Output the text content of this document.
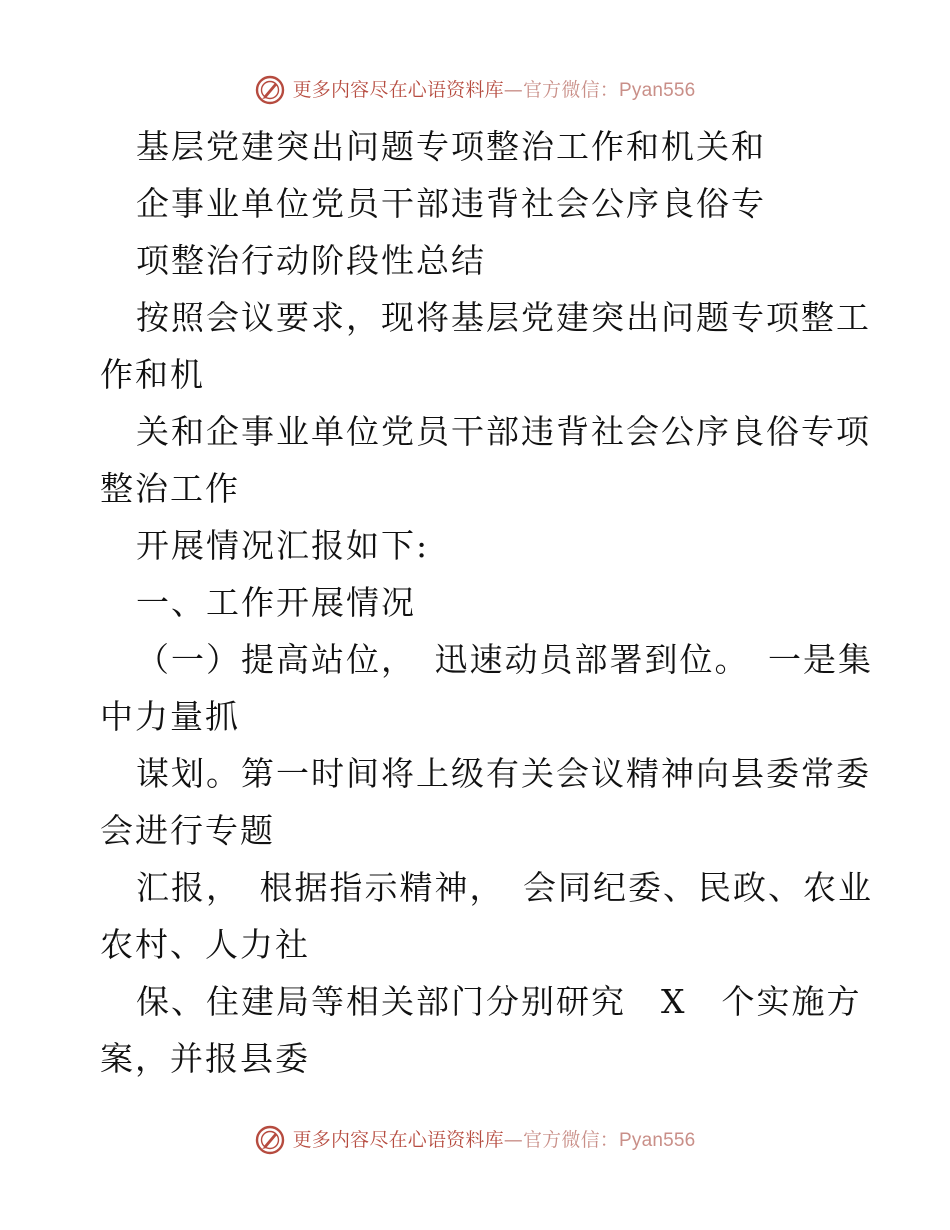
更多内容尽在心语资料库—官方微信：Pyan556
基层党建突出问题专项整治工作和机关和
企事业单位党员干部违背社会公序良俗专
项整治行动阶段性总结
按照会议要求，现将基层党建突出问题专项整工
作和机
关和企事业单位党员干部违背社会公序良俗专项
整治工作
开展情况汇报如下:
一、工作开展情况
（一）提高站位，　迅速动员部署到位。　一是集
中力量抓
谋划。第一时间将上级有关会议精神向县委常委
会进行专题
汇报，　根据指示精神，　会同纪委、民政、农业
农村、人力社
保、住建局等相关部门分别研究　X　个实施方
案，并报县委
更多内容尽在心语资料库—官方微信：Pyan556
